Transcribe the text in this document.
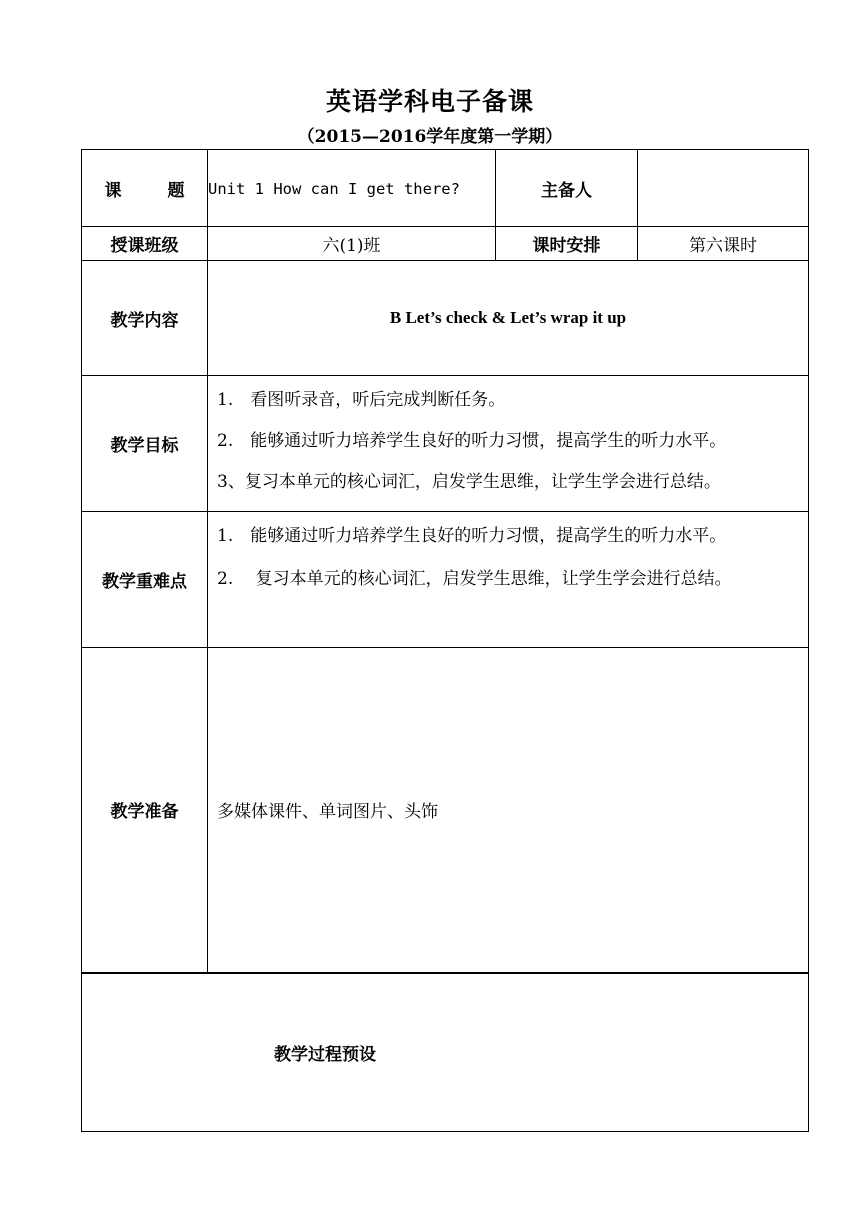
英语学科电子备课
（2015—2016学年度第一学期）
课 题	Unit 1 How can I get there?	主备人	
授课班级	六(1)班	课时安排	第六课时
教学内容	B Let’s check & Let’s wrap it up		
教学目标	1.　看图听录音，听后完成判断任务。
2.　能够通过听力培养学生良好的听力习惯，提高学生的听力水平。
3、复习本单元的核心词汇，启发学生思维，让学生学会进行总结。		

教学重难点	1.　能够通过听力培养学生良好的听力习惯，提高学生的听力水平。
2.　 复习本单元的核心词汇，启发学生思维，让学生学会进行总结。		

教学准备	多媒体课件、单词图片、头饰		

教学过程预设			
